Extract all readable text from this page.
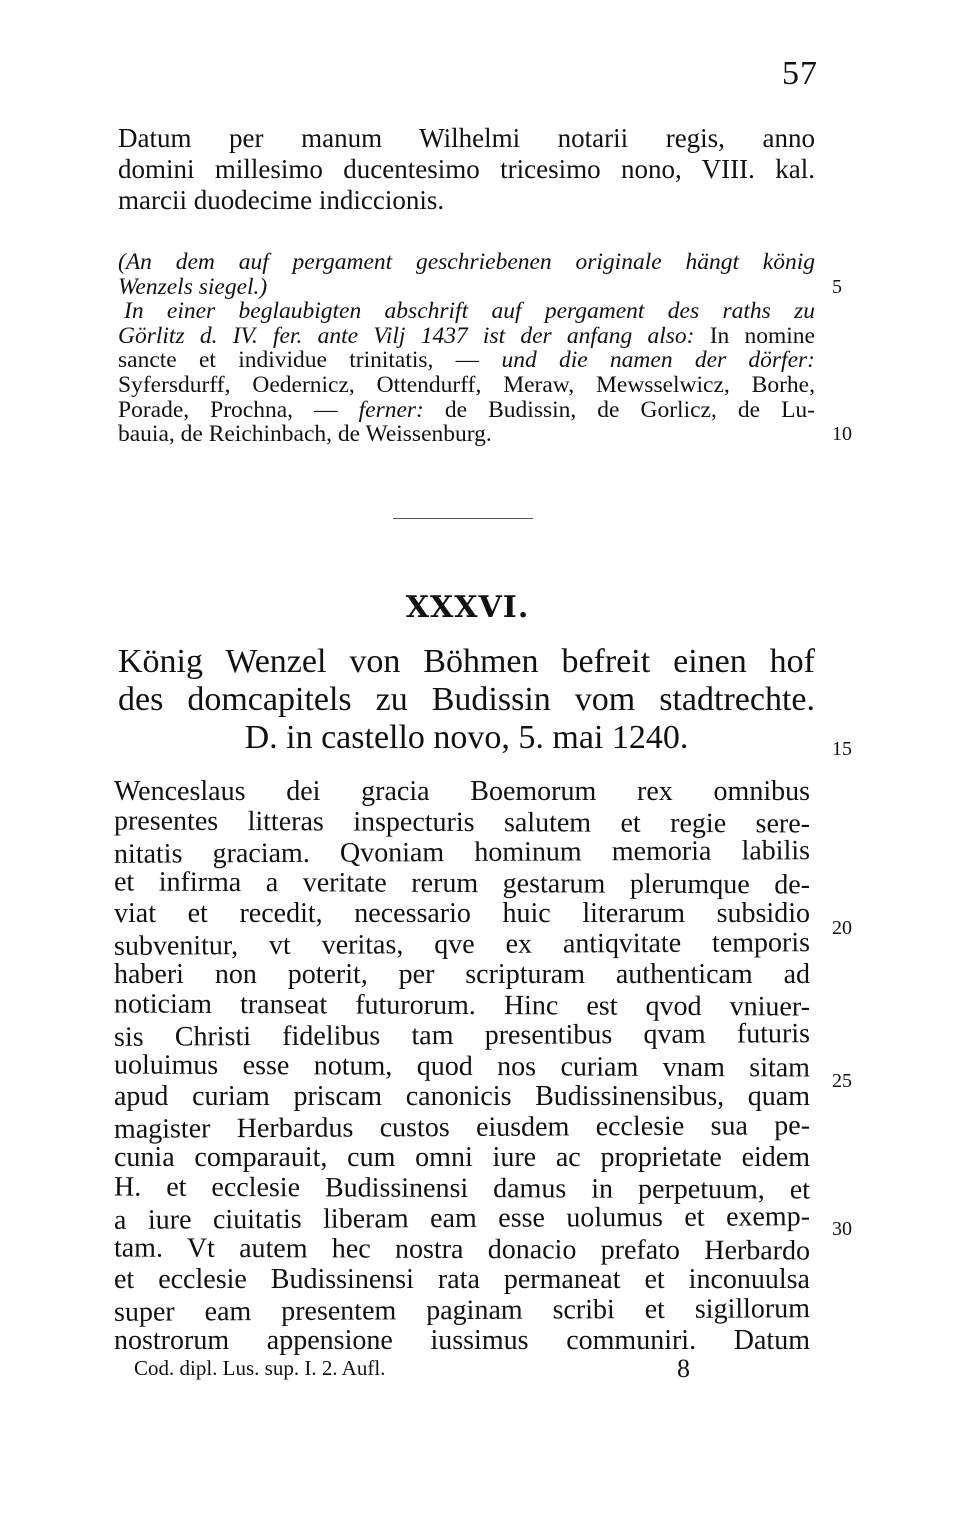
57
Datum per manum Wilhelmi notarii regis, anno
domini millesimo ducentesimo tricesimo nono, VIII. kal.
marcii duodecime indiccionis.
(An dem auf pergament geschriebenen originale hängt könig
Wenzels siegel.)
In einer beglaubigten abschrift auf pergament des raths zu
Görlitz d. IV. fer. ante Vilj 1437 ist der anfang also: In nomine
sancte et individue trinitatis, — und die namen der dörfer:
Syfersdurff, Oedernicz, Ottendurff, Meraw, Mewsselwicz, Borhe,
Porade, Prochna, — ferner: de Budissin, de Gorlicz, de Lu-
bauia, de Reichinbach, de Weissenburg.
XXXVI.
König Wenzel von Böhmen befreit einen hof
des domcapitels zu Budissin vom stadtrechte.
D. in castello novo, 5. mai 1240.
Wenceslaus dei gracia Boemorum rex omnibus
presentes litteras inspecturis salutem et regie sere-
nitatis graciam. Qvoniam hominum memoria labilis
et infirma a veritate rerum gestarum plerumque de-
viat et recedit, necessario huic literarum subsidio
subvenitur, vt veritas, qve ex antiqvitate temporis
haberi non poterit, per scripturam authenticam ad
noticiam transeat futurorum. Hinc est qvod vniuer-
sis Christi fidelibus tam presentibus qvam futuris
uoluimus esse notum, quod nos curiam vnam sitam
apud curiam priscam canonicis Budissinensibus, quam
magister Herbardus custos eiusdem ecclesie sua pe-
cunia comparauit, cum omni iure ac proprietate eidem
H. et ecclesie Budissinensi damus in perpetuum, et
a iure ciuitatis liberam eam esse uolumus et exemp-
tam. Vt autem hec nostra donacio prefato Herbardo
et ecclesie Budissinensi rata permaneat et inconuulsa
super eam presentem paginam scribi et sigillorum
nostrorum appensione iussimus communiri. Datum
Cod. dipl. Lus. sup. I. 2. Aufl.	8
5
10
15
20
25
30
